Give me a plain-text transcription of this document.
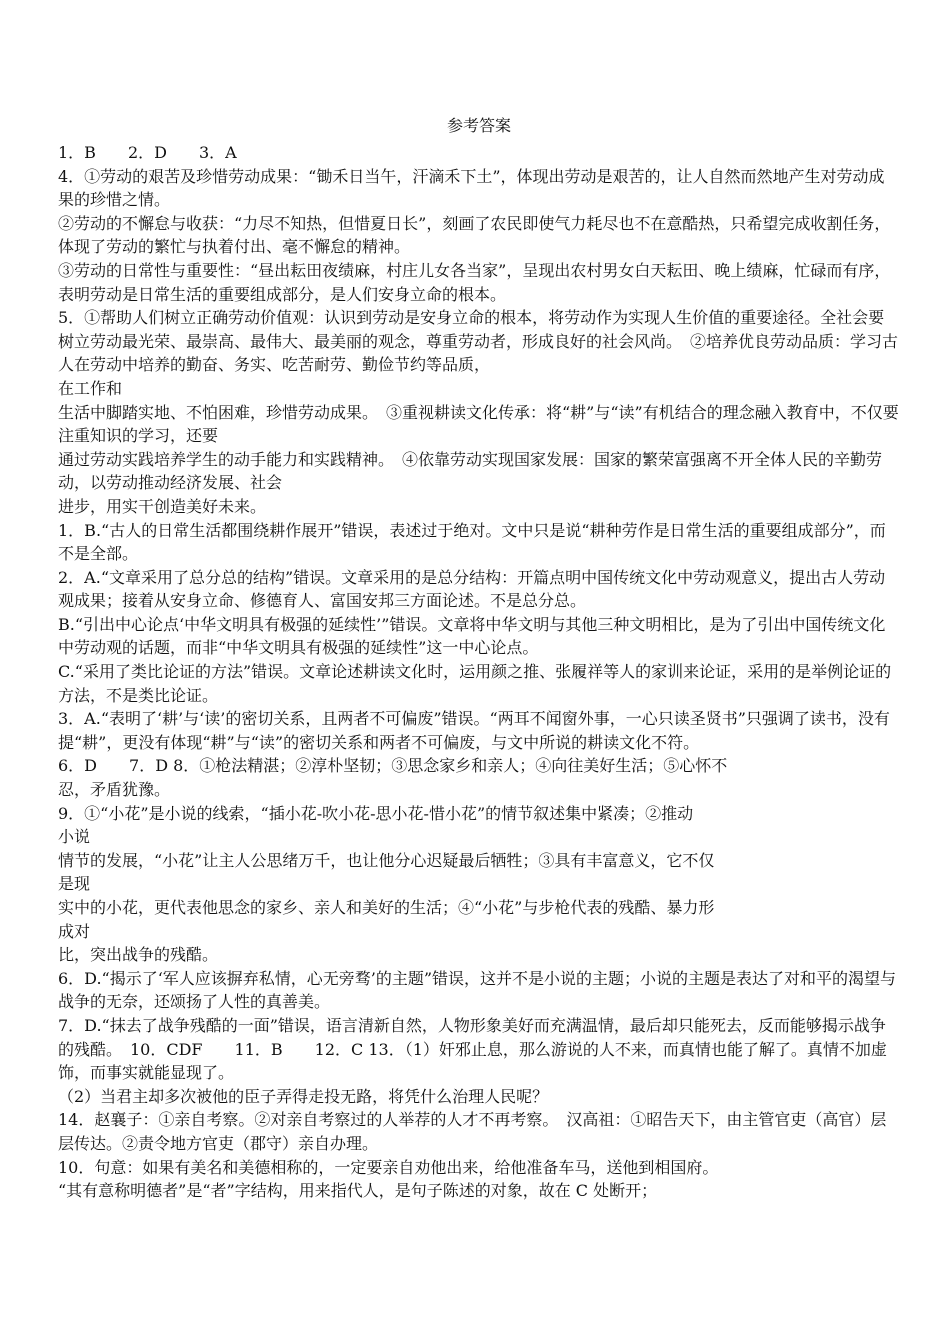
参考答案

1．B　　2．D　　3．A

4．①劳动的艰苦及珍惜劳动成果：“锄禾日当午，汗滴禾下土”，体现出劳动是艰苦的，让人自然而然地产生对劳动成果的珍惜之情。

②劳动的不懈怠与收获：“力尽不知热，但惜夏日长”，刻画了农民即使气力耗尽也不在意酷热，只希望完成收割任务，体现了劳动的繁忙与执着付出、毫不懈怠的精神。

③劳动的日常性与重要性：“昼出耘田夜绩麻，村庄儿女各当家”，呈现出农村男女白天耘田、晚上绩麻，忙碌而有序，表明劳动是日常生活的重要组成部分，是人们安身立命的根本。

5．①帮助人们树立正确劳动价值观：认识到劳动是安身立命的根本，将劳动作为实现人生价值的重要途径。全社会要树立劳动最光荣、最崇高、最伟大、最美丽的观念，尊重劳动者，形成良好的社会风尚。　②培养优良劳动品质：学习古人在劳动中培养的勤奋、务实、吃苦耐劳、勤俭节约等品质，

在工作和

生活中脚踏实地、不怕困难，珍惜劳动成果。　③重视耕读文化传承：将“耕”与“读”有机结合的理念融入教育中，不仅要注重知识的学习，还要

通过劳动实践培养学生的动手能力和实践精神。　④依靠劳动实现国家发展：国家的繁荣富强离不开全体人民的辛勤劳动，以劳动推动经济发展、社会

进步，用实干创造美好未来。

1．B.“古人的日常生活都围绕耕作展开”错误，表述过于绝对。文中只是说“耕种劳作是日常生活的重要组成部分”，而不是全部。

2．A.“文章采用了总分总的结构”错误。文章采用的是总分结构：开篇点明中国传统文化中劳动观意义，提出古人劳动观成果；接着从安身立命、修德育人、富国安邦三方面论述。不是总分总。

B.“引出中心论点‘中华文明具有极强的延续性’”错误。文章将中华文明与其他三种文明相比，是为了引出中国传统文化中劳动观的话题，而非“中华文明具有极强的延续性”这一中心论点。

C.“采用了类比论证的方法”错误。文章论述耕读文化时，运用颜之推、张履祥等人的家训来论证，采用的是举例论证的方法，不是类比论证。

3．A.“表明了‘耕’与‘读’的密切关系，且两者不可偏废”错误。“两耳不闻窗外事，一心只读圣贤书”只强调了读书，没有提“耕”，更没有体现“耕”与“读”的密切关系和两者不可偏废，与文中所说的耕读文化不符。

6．D　　7．D 8．①枪法精湛；②淳朴坚韧；③思念家乡和亲人；④向往美好生活；⑤心怀不

忍，矛盾犹豫。

9．①“小花”是小说的线索，“插小花-吹小花-思小花-惜小花”的情节叙述集中紧凑；②推动

小说

情节的发展，“小花”让主人公思绪万千，也让他分心迟疑最后牺牲；③具有丰富意义，它不仅

是现

实中的小花，更代表他思念的家乡、亲人和美好的生活；④“小花”与步枪代表的残酷、暴力形

成对

比，突出战争的残酷。

6．D.“揭示了‘军人应该摒弃私情，心无旁骛’的主题”错误，这并不是小说的主题；小说的主题是表达了对和平的渴望与战争的无奈，还颂扬了人性的真善美。

7．D.“抹去了战争残酷的一面”错误，语言清新自然，人物形象美好而充满温情，最后却只能死去，反而能够揭示战争的残酷。　10．CDF　　11．B　　12．C 13．（1）奸邪止息，那么游说的人不来，而真情也能了解了。真情不加虚饰，而事实就能显现了。

（2）当君主却多次被他的臣子弄得走投无路，将凭什么治理人民呢？

14．赵襄子：①亲自考察。②对亲自考察过的人举荐的人才不再考察。　汉高祖：①昭告天下，由主管官吏（高官）层层传达。②责令地方官吏（郡守）亲自办理。

10．句意：如果有美名和美德相称的，一定要亲自劝他出来，给他准备车马，送他到相国府。

“其有意称明德者”是“者”字结构，用来指代人，是句子陈述的对象，故在 C 处断开；
